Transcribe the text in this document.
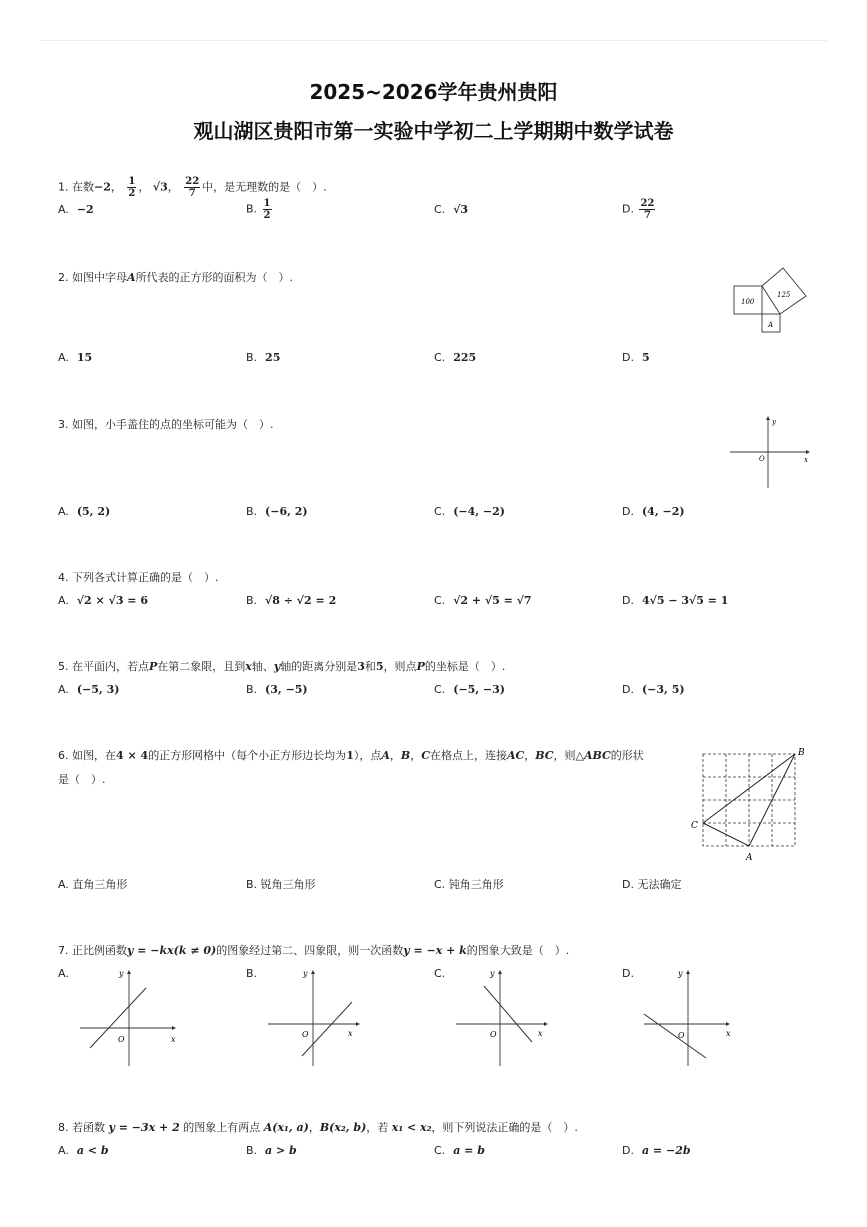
2025~2026学年贵州贵阳
观山湖区贵阳市第一实验中学初二上学期期中数学试卷
1. 在数−2， $\frac{1}{2}$ ， √3， $\frac{22}{7}$ 中，是无理数的是（　）.
A. −2	B. $\frac{1}{2}$	C. √3	D. $\frac{22}{7}$
2. 如图中字母A所代表的正方形的面积为（　）.
100
125
A
A. 15	B. 25	C. 225	D. 5
3. 如图，小手盖住的点的坐标可能为（　）.
x
y
O
A. (5, 2)	B. (−6, 2)	C. (−4, −2)	D. (4, −2)
4. 下列各式计算正确的是（　）.
A. √2 × √3 = 6	B. √8 ÷ √2 = 2	C. √2 + √5 = √7	D. 4√5 − 3√5 = 1
5. 在平面内，若点P在第二象限，且到x轴、y轴的距离分别是3和5，则点P的坐标是（　）.
A. (−5, 3)	B. (3, −5)	C. (−5, −3)	D. (−3, 5)
6. 如图，在4 × 4的正方形网格中（每个小正方形边长均为1），点A，B，C在格点上，连接AC，BC，则△ABC的形状
是（　）.
B
C
A
A. 直角三角形	B. 锐角三角形	C. 钝角三角形	D. 无法确定
7. 正比例函数y = −kx(k ≠ 0)的图象经过第二、四象限，则一次函数y = −x + k的图象大致是（　）.
A.
x
y
O
B.
x
y
O
C.
x
y
O
D.
x
y
O
8. 若函数 y = −3x + 2 的图象上有两点 A(x₁, a)，B(x₂, b)，若 x₁ < x₂，则下列说法正确的是（　）.
A. a < b	B. a > b	C. a = b	D. a = −2b
